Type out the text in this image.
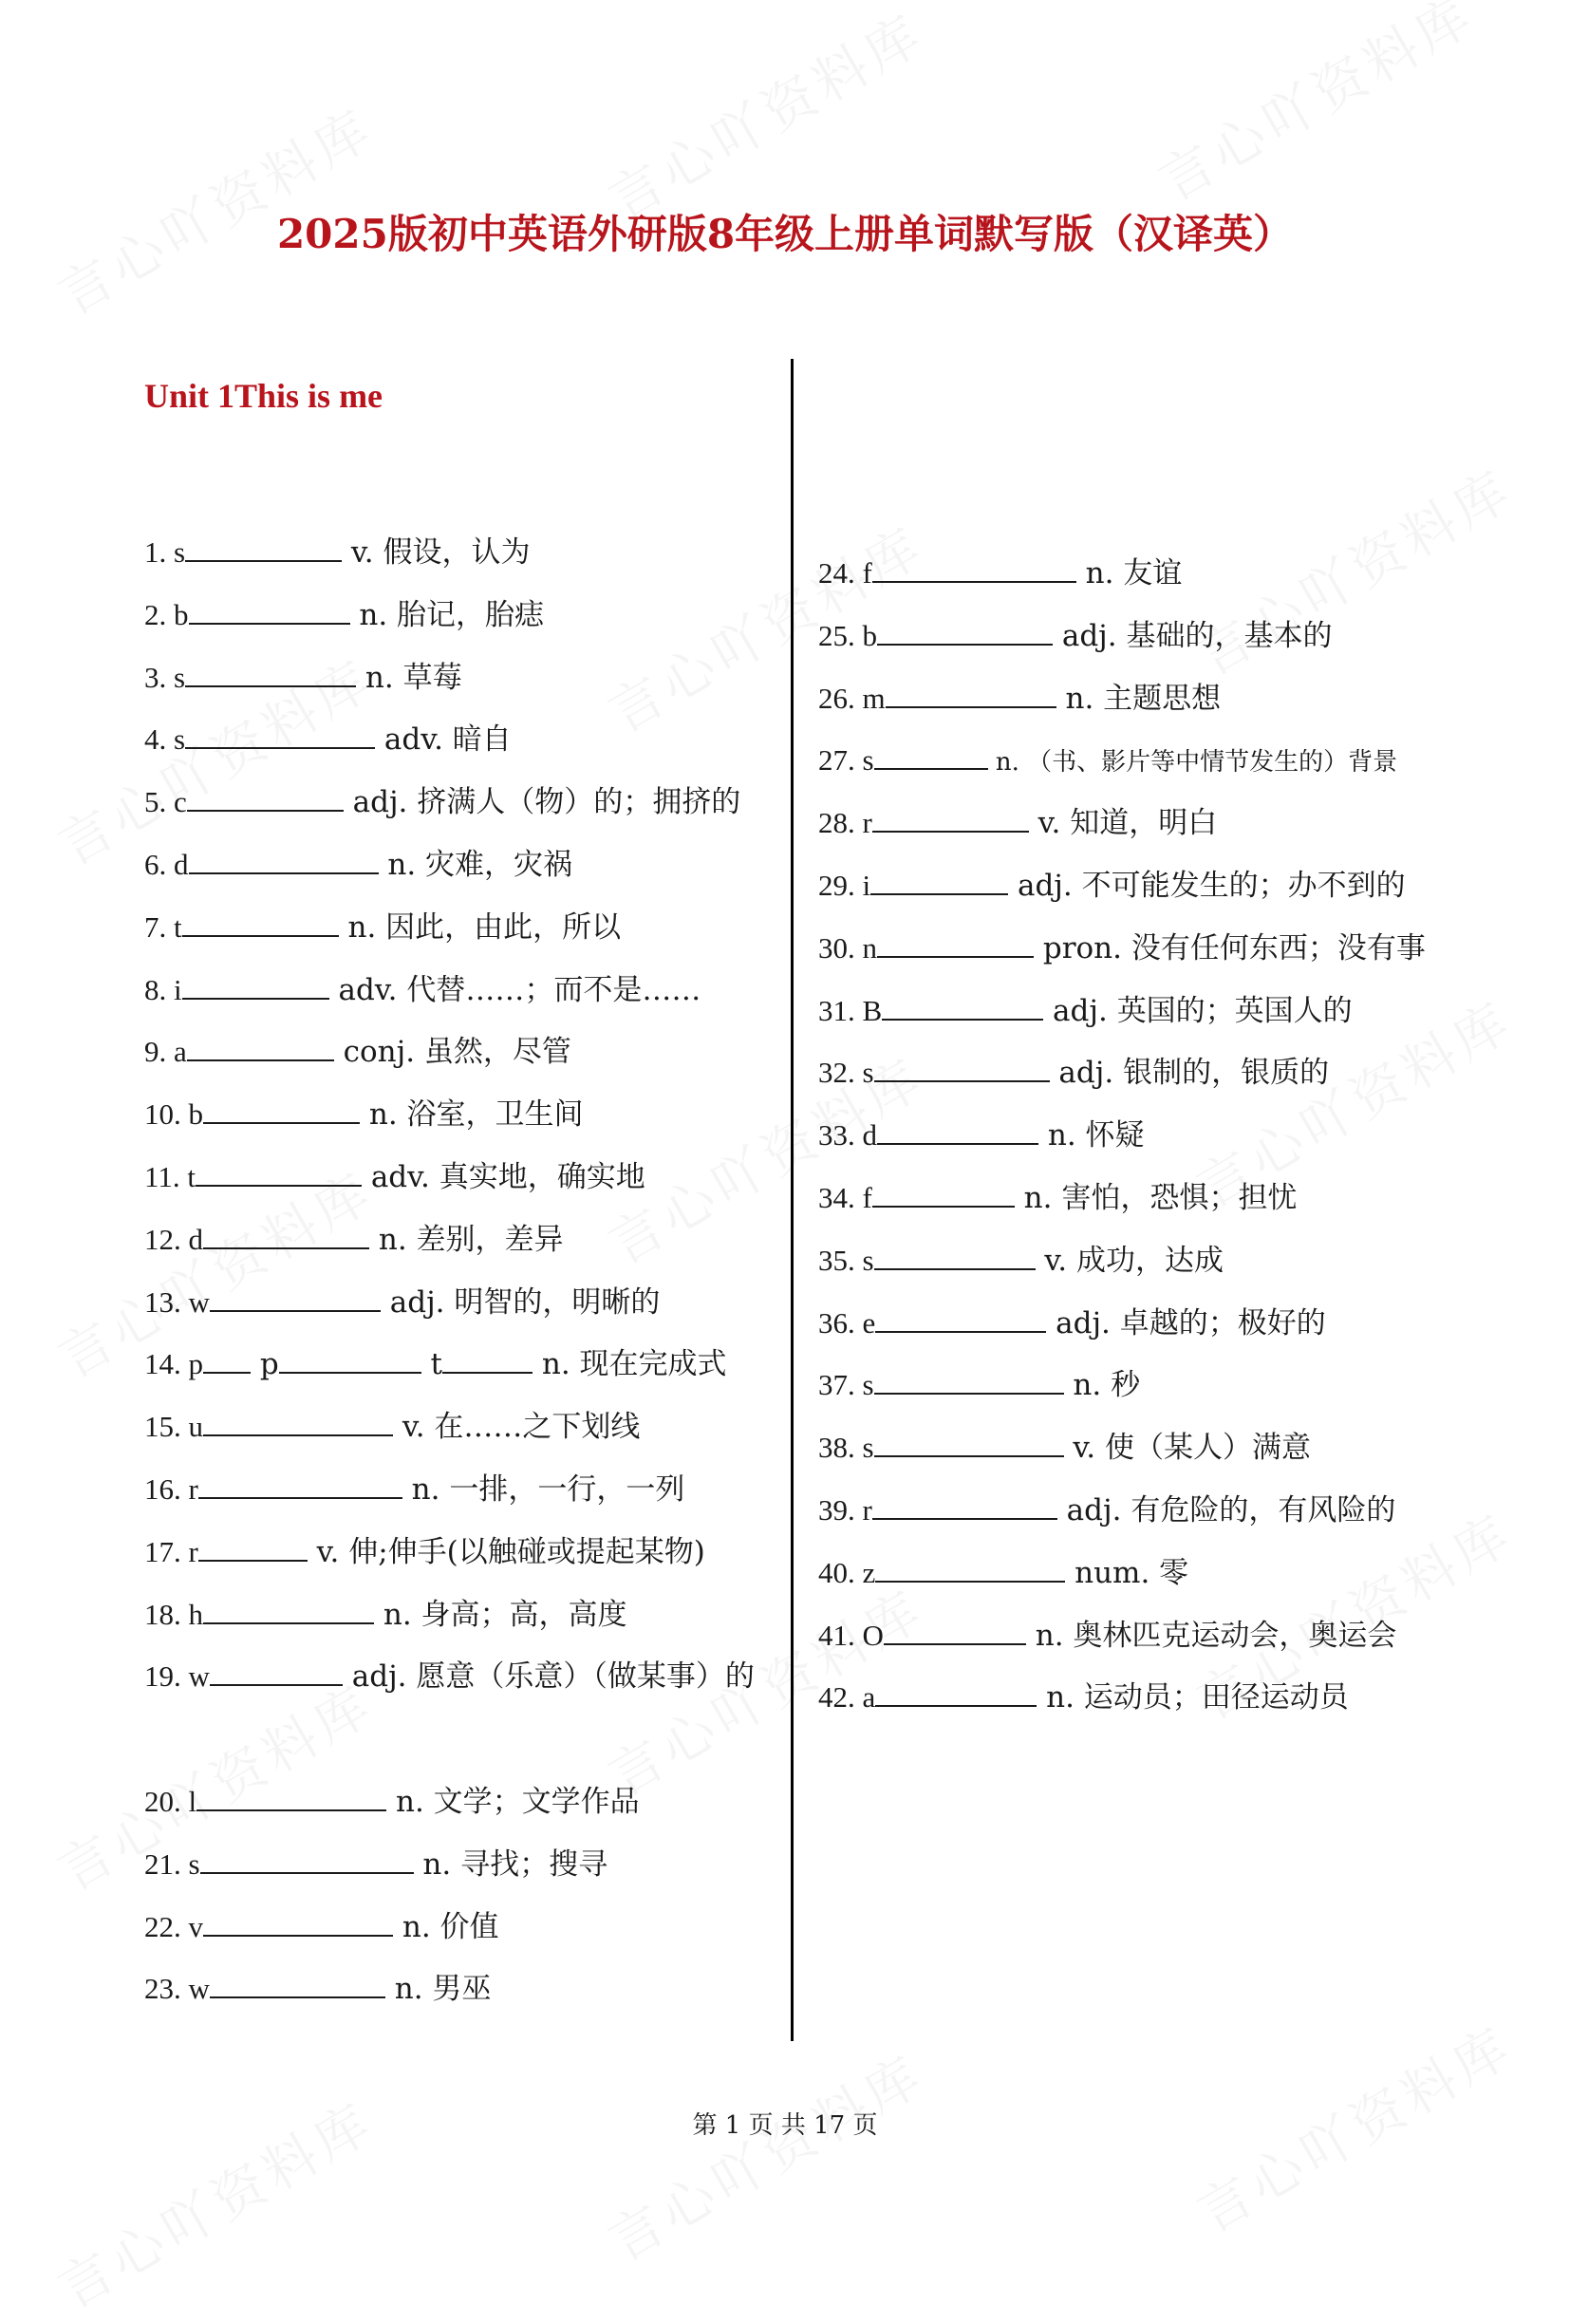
2025版初中英语外研版8年级上册单词默写版（汉译英）
Unit 1This is me
1. s	v. 假设，认为
2. b	n. 胎记，胎痣
3. s	n. 草莓
4. s	adv. 暗自
5. c	adj. 挤满人（物）的；拥挤的
6. d	n. 灾难，灾祸
7. t	n. 因此，由此，所以
8. i	adv. 代替……；而不是……
9. a	conj. 虽然，尽管
10. b	n. 浴室，卫生间
11. t	adv. 真实地，确实地
12. d	n. 差别，差异
13. w	adj. 明智的，明晰的
14. p p	t	n. 现在完成式
15. u	v. 在……之下划线
16. r	n. 一排，一行，一列
17. r	v. 伸;伸手(以触碰或提起某物)
18. h	n. 身高；高，高度
19. w	adj. 愿意（乐意）（做某事）的
20. l	n. 文学；文学作品
21. s	n. 寻找；搜寻
22. v	n. 价值
23. w	n. 男巫
24. f	n. 友谊
25. b	adj. 基础的，基本的
26. m	n. 主题思想
27. s	n. （书、影片等中情节发生的）背景
28. r	v. 知道，明白
29. i	adj. 不可能发生的；办不到的
30. n	pron. 没有任何东西；没有事
31. B	adj. 英国的；英国人的
32. s	adj. 银制的，银质的
33. d	n. 怀疑
34. f	n. 害怕，恐惧；担忧
35. s	v. 成功，达成
36. e	adj. 卓越的；极好的
37. s	n. 秒
38. s	v. 使（某人）满意
39. r	adj. 有危险的，有风险的
40. z	num. 零
41. O	n. 奥林匹克运动会，奥运会
42. a	n. 运动员；田径运动员
第 1 页 共 17 页
